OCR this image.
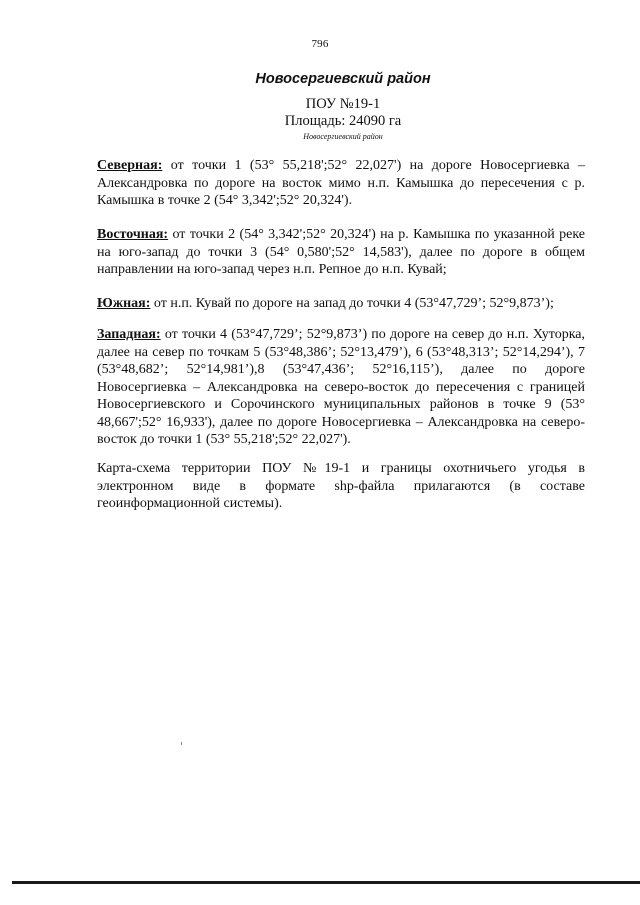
796
Новосергиевский район
ПОУ №19-1
Площадь: 24090 га
Новосергиевский район
Северная: от точки 1 (53° 55,218';52° 22,027') на дороге Новосергиевка – Александровка по дороге на восток мимо н.п. Камышка до пересечения с р. Камышка в точке 2 (54° 3,342';52° 20,324').
Восточная: от точки 2 (54° 3,342';52° 20,324') на р. Камышка по указанной реке на юго-запад до точки 3 (54° 0,580';52° 14,583'), далее по дороге в общем направлении на юго-запад через н.п. Репное до н.п. Кувай;
Южная: от н.п. Кувай по дороге на запад до точки 4 (53°47,729’; 52°9,873’);
Западная: от точки 4 (53°47,729’; 52°9,873’) по дороге на север до н.п. Хуторка, далее на север по точкам 5 (53°48,386’; 52°13,479’), 6 (53°48,313’; 52°14,294’), 7 (53°48,682’; 52°14,981’),8 (53°47,436’; 52°16,115’), далее по дороге Новосергиевка – Александровка на северо-восток до пересечения с границей Новосергиевского и Сорочинского муниципальных районов в точке 9 (53° 48,667';52° 16,933'), далее по дороге Новосергиевка – Александровка на северо-восток до точки 1 (53° 55,218';52° 22,027').
Карта-схема территории ПОУ №19-1 и границы охотничьего угодья в электронном виде в формате shp-файла прилагаются (в составе геоинформационной системы).
